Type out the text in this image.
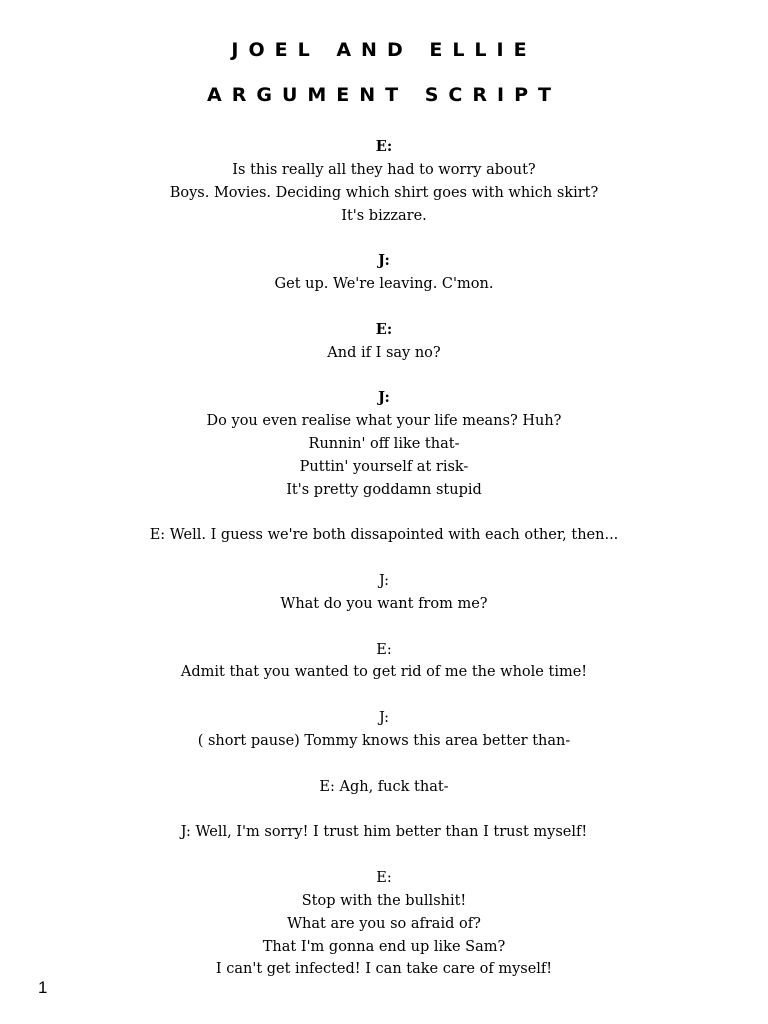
JOEL AND ELLIE
ARGUMENT SCRIPT
E:
Is this really all they had to worry about?
Boys. Movies. Deciding which shirt goes with which skirt?
It's bizzare.
J:
Get up. We're leaving. C'mon.
E:
And if I say no?
J:
Do you even realise what your life means? Huh?
Runnin' off like that-
Puttin' yourself at risk-
It's pretty goddamn stupid
E: Well. I guess we're both dissapointed with each other, then...
J:
What do you want from me?
E:
Admit that you wanted to get rid of me the whole time!
J:
( short pause) Tommy knows this area better than-
E: Agh, fuck that-
J: Well, I'm sorry! I trust him better than I trust myself!
E:
Stop with the bullshit!
What are you so afraid of?
That I'm gonna end up like Sam?
I can't get infected! I can take care of myself!
1
